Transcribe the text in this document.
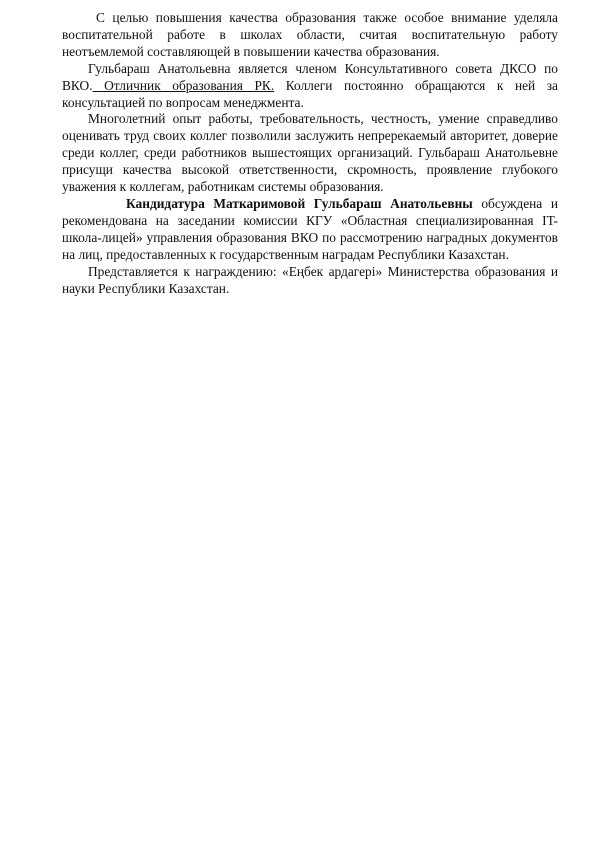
С целью повышения качества образования также особое внимание уделяла воспитательной работе в школах области, считая воспитательную работу неотъемлемой составляющей в повышении качества образования.

Гульбараш Анатольевна является членом Консультативного совета ДКСО по ВКО. Отличник образования РК. Коллеги постоянно обращаются к ней за консультацией по вопросам менеджмента.

Многолетний опыт работы, требовательность, честность, умение справедливо оценивать труд своих коллег позволили заслужить непререкаемый авторитет, доверие среди коллег, среди работников вышестоящих организаций. Гульбараш Анатольевне присущи качества высокой ответственности, скромность, проявление глубокого уважения к коллегам, работникам системы образования.

Кандидатура Маткаримовой Гульбараш Анатольевны обсуждена и рекомендована на заседании комиссии КГУ «Областная специализированная IT-школа-лицей» управления образования ВКО по рассмотрению наградных документов на лиц, предоставленных к государственным наградам Республики Казахстан.

Представляется к награждению: «Еңбек ардагері» Министерства образования и науки Республики Казахстан.
